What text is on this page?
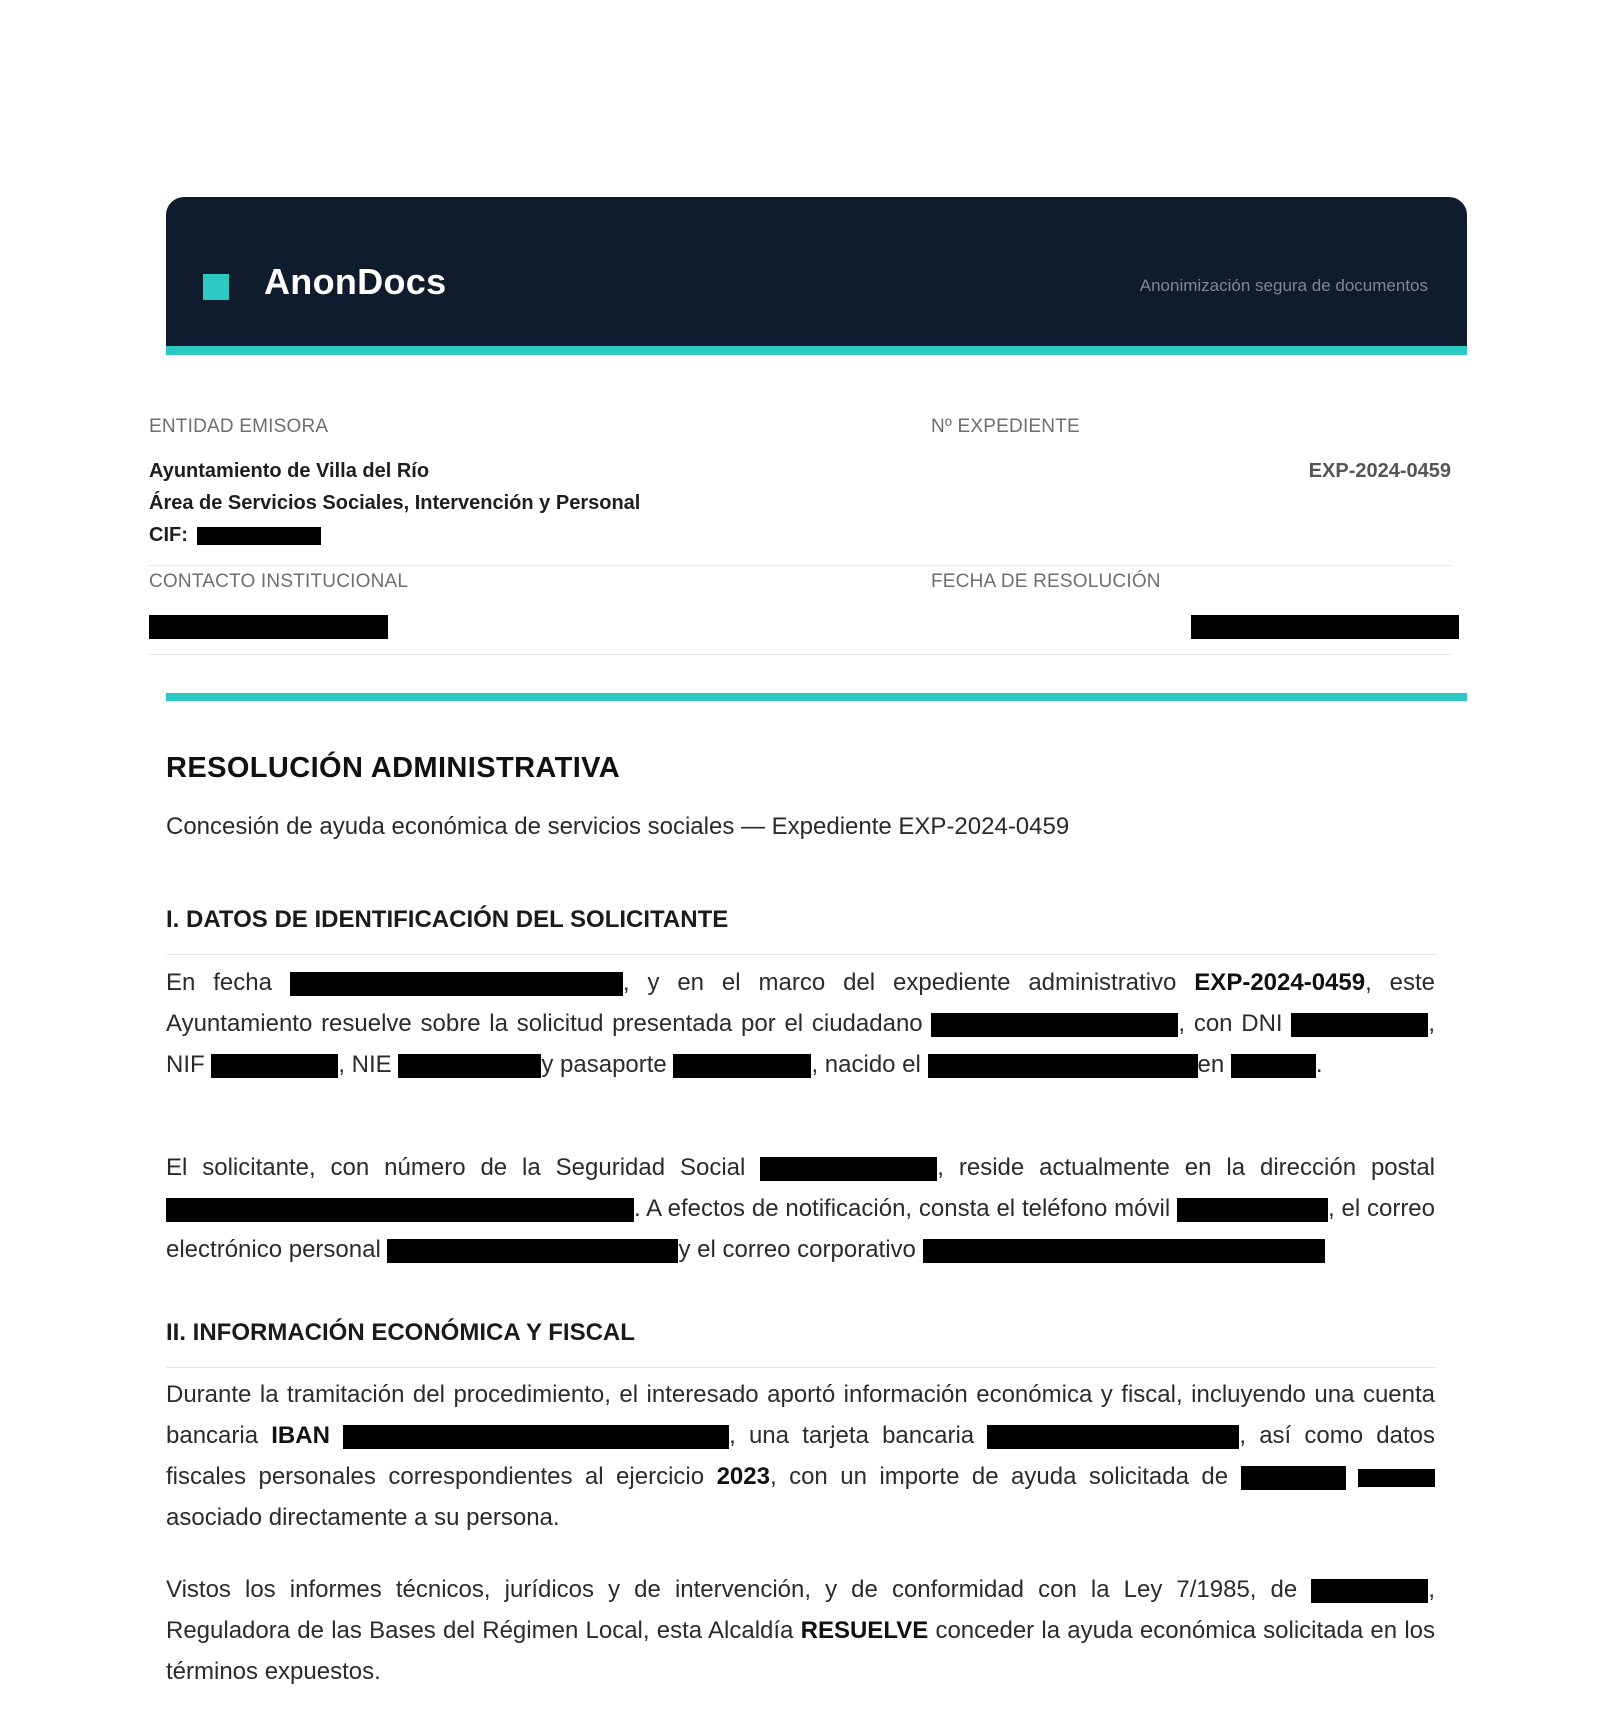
AnonDocs	Anonimización segura de documentos
ENTIDAD EMISORA	Nº EXPEDIENTE
Ayuntamiento de Villa del Río	EXP-2024-0459
Área de Servicios Sociales, Intervención y Personal
CIF:
CONTACTO INSTITUCIONAL	FECHA DE RESOLUCIÓN
RESOLUCIÓN ADMINISTRATIVA
Concesión de ayuda económica de servicios sociales — Expediente EXP-2024-0459
I. DATOS DE IDENTIFICACIÓN DEL SOLICITANTE
En fecha	, y en el marco del expediente administrativo EXP-2024-0459, este Ayuntamiento resuelve sobre la solicitud presentada por el ciudadano	, con DNI	, NIF	, NIE	y pasaporte	, nacido el	en	.
El solicitante, con número de la Seguridad Social	, reside actualmente en la dirección postal . A efectos de notificación, consta el teléfono móvil	, el correo electrónico personal	y el correo corporativo
II. INFORMACIÓN ECONÓMICA Y FISCAL
Durante la tramitación del procedimiento, el interesado aportó información económica y fiscal, incluyendo una cuenta bancaria IBAN	, una tarjeta bancaria	, así como datos fiscales personales correspondientes al ejercicio 2023, con un importe de ayuda solicitada de  asociado directamente a su persona.
Vistos los informes técnicos, jurídicos y de intervención, y de conformidad con la Ley 7/1985, de	, Reguladora de las Bases del Régimen Local, esta Alcaldía RESUELVE conceder la ayuda económica solicitada en los términos expuestos.
